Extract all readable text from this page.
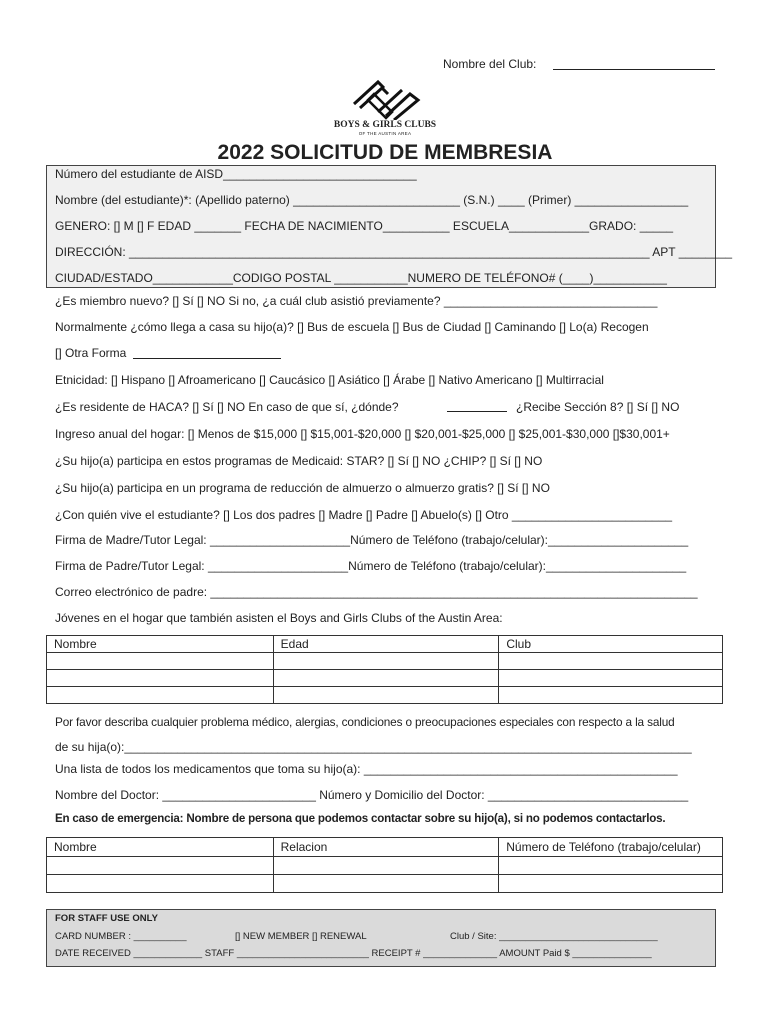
Nombre del Club:
BOYS & GIRLS CLUBS
OF THE AUSTIN AREA
2022 SOLICITUD DE MEMBRESIA
Número del estudiante de AISD_____________________________
Nombre (del estudiante)*: (Apellido paterno) _________________________ (S.N.) ____ (Primer) _________________
GENERO: [] M [] F EDAD _______ FECHA DE NACIMIENTO__________ ESCUELA____________GRADO: _____
DIRECCIÓN: ______________________________________________________________________________ APT ________
CIUDAD/ESTADO____________CODIGO POSTAL ___________NUMERO DE TELÉFONO# (____)___________
¿Es miembro nuevo? [] Sí [] NO Si no, ¿a cuál club asistió previamente? ________________________________
Normalmente ¿cómo llega a casa su hijo(a)? [] Bus de escuela [] Bus de Ciudad [] Caminando [] Lo(a) Recogen
[] Otra Forma
Etnicidad: [] Hispano [] Afroamericano [] Caucásico [] Asiático [] Árabe [] Nativo Americano [] Multirracial
¿Es residente de HACA? [] Sí [] NO En caso de que sí, ¿dónde?	¿Recibe Sección 8? [] Sí [] NO
Ingreso anual del hogar: [] Menos de $15,000 [] $15,001-$20,000 [] $20,001-$25,000 [] $25,001-$30,000 []$30,001+
¿Su hijo(a) participa en estos programas de Medicaid: STAR? [] Sí [] NO ¿CHIP? [] Sí [] NO
¿Su hijo(a) participa en un programa de reducción de almuerzo o almuerzo gratis? [] Sí [] NO
¿Con quién vive el estudiante? [] Los dos padres [] Madre [] Padre [] Abuelo(s) [] Otro ________________________
Firma de Madre/Tutor Legal: _____________________Número de Teléfono (trabajo/celular):_____________________
Firma de Padre/Tutor Legal: _____________________Número de Teléfono (trabajo/celular):_____________________
Correo electrónico de padre: _________________________________________________________________________
Jóvenes en el hogar que también asisten el Boys and Girls Clubs of the Austin Area:
Nombre	Edad	Club

Por favor describa cualquier problema médico, alergias, condiciones o preocupaciones especiales con respecto a la salud
de su hija(o):_____________________________________________________________________________________
Una lista de todos los medicamentos que toma su hijo(a): _______________________________________________
Nombre del Doctor: _______________________ Número y Domicilio del Doctor: ______________________________
En caso de emergencia: Nombre de persona que podemos contactar sobre su hijo(a), si no podemos contactarlos.
Nombre	Relacion	Número de Teléfono (trabajo/celular)

FOR STAFF USE ONLY
CARD NUMBER : __________	[] NEW MEMBER [] RENEWAL	Club / Site: ______________________________
DATE RECEIVED _____________ STAFF _________________________ RECEIPT # ______________ AMOUNT Paid $ _______________
